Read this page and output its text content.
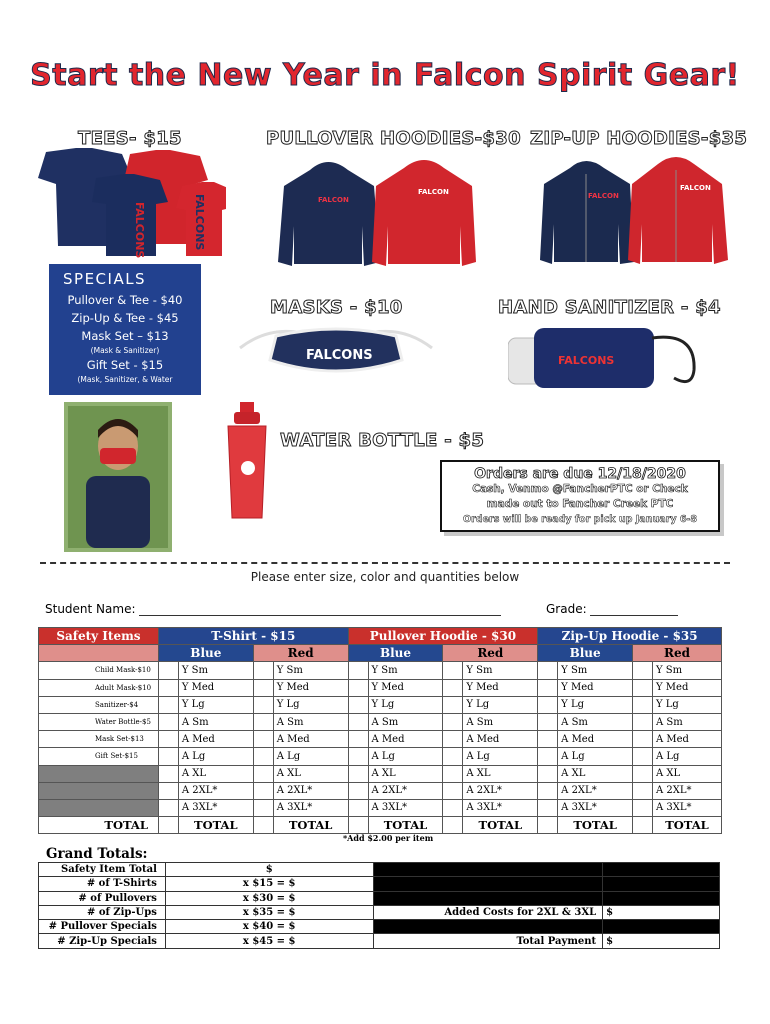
Start the New Year in Falcon Spirit Gear!
TEES- $15	PULLOVER HOODIES-$30 ZIP-UP HOODIES-$35
MASKS - $10	HAND SANITIZER - $4
WATER BOTTLE - $5
FALCONS	FALCONS	FALCON
FALCON	FALCON
FALCON
SPECIALS
Pullover & Tee - $40
Zip-Up & Tee - $45
Mask Set – $13
(Mask & Sanitizer)
Gift Set - $15
(Mask, Sanitizer, & Water
FALCONS	FALCONS
Orders are due 12/18/2020
Cash, Venmo @FancherPTC or Check
made out to Fancher Creek PTC
Orders will be ready for pick up January 6-8
Please enter size, color and quantities below
Student Name:	Grade:
Safety Items	T-Shirt - $15				Pullover Hoodie - $30				Zip-Up Hoodie - $35			
	Blue		Red		Blue		Red		Blue		Red	
Child Mask-$10		Y Sm		Y Sm		Y Sm		Y Sm		Y Sm		Y Sm
Adult Mask-$10		Y Med		Y Med		Y Med		Y Med		Y Med		Y Med
Sanitizer-$4		Y Lg		Y Lg		Y Lg		Y Lg		Y Lg		Y Lg
Water Bottle-$5		A Sm		A Sm		A Sm		A Sm		A Sm		A Sm
Mask Set-$13		A Med		A Med		A Med		A Med		A Med		A Med
Gift Set-$15		A Lg		A Lg		A Lg		A Lg		A Lg		A Lg
		A XL		A XL		A XL		A XL		A XL		A XL
		A 2XL*		A 2XL*		A 2XL*		A 2XL*		A 2XL*		A 2XL*
		A 3XL*		A 3XL*		A 3XL*		A 3XL*		A 3XL*		A 3XL*
TOTAL		TOTAL		TOTAL		TOTAL		TOTAL		TOTAL		TOTAL
*Add $2.00 per item
Grand Totals:
Safety Item Total	$		
# of T-Shirts	x $15 = $		
# of Pullovers	x $30 = $		
# of Zip-Ups	x $35 = $	Added Costs for 2XL & 3XL	$
# Pullover Specials	x $40 = $		
# Zip-Up Specials	x $45 = $	Total Payment	$
